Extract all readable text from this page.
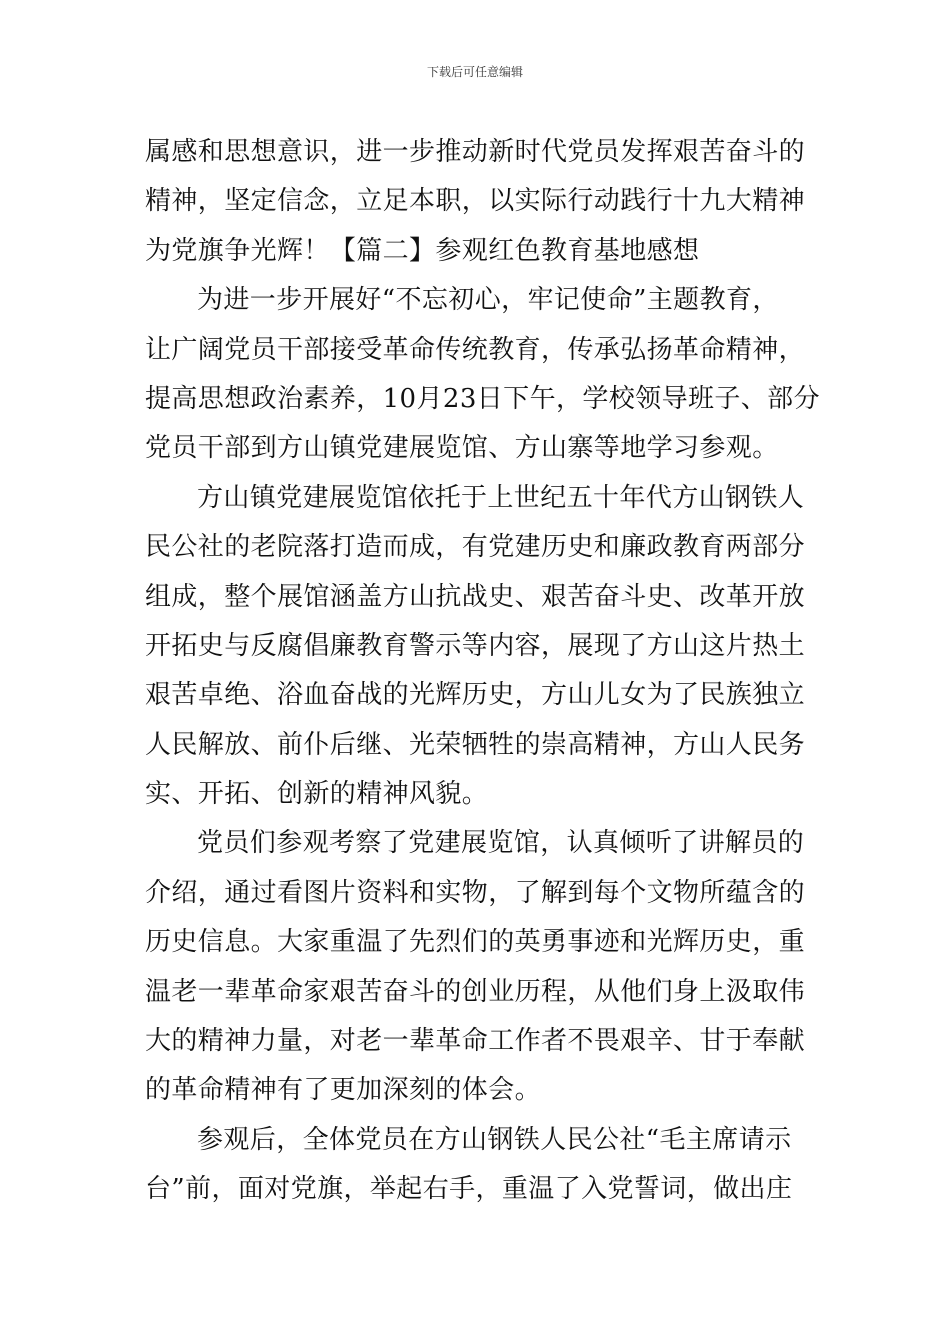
下载后可任意编辑
属感和思想意识，进一步推动新时代党员发挥艰苦奋斗的
精神，坚定信念，立足本职，以实际行动践行十九大精神
为党旗争光辉！【篇二】参观红色教育基地感想
为进一步开展好“不忘初心，牢记使命”主题教育，
让广阔党员干部接受革命传统教育，传承弘扬革命精神，
提高思想政治素养，10月23日下午，学校领导班子、部分
党员干部到方山镇党建展览馆、方山寨等地学习参观。
方山镇党建展览馆依托于上世纪五十年代方山钢铁人
民公社的老院落打造而成，有党建历史和廉政教育两部分
组成，整个展馆涵盖方山抗战史、艰苦奋斗史、改革开放
开拓史与反腐倡廉教育警示等内容，展现了方山这片热土
艰苦卓绝、浴血奋战的光辉历史，方山儿女为了民族独立
人民解放、前仆后继、光荣牺牲的崇高精神，方山人民务
实、开拓、创新的精神风貌。
党员们参观考察了党建展览馆，认真倾听了讲解员的
介绍，通过看图片资料和实物，了解到每个文物所蕴含的
历史信息。大家重温了先烈们的英勇事迹和光辉历史，重
温老一辈革命家艰苦奋斗的创业历程，从他们身上汲取伟
大的精神力量，对老一辈革命工作者不畏艰辛、甘于奉献
的革命精神有了更加深刻的体会。
参观后，全体党员在方山钢铁人民公社“毛主席请示
台”前，面对党旗，举起右手，重温了入党誓词，做出庄
